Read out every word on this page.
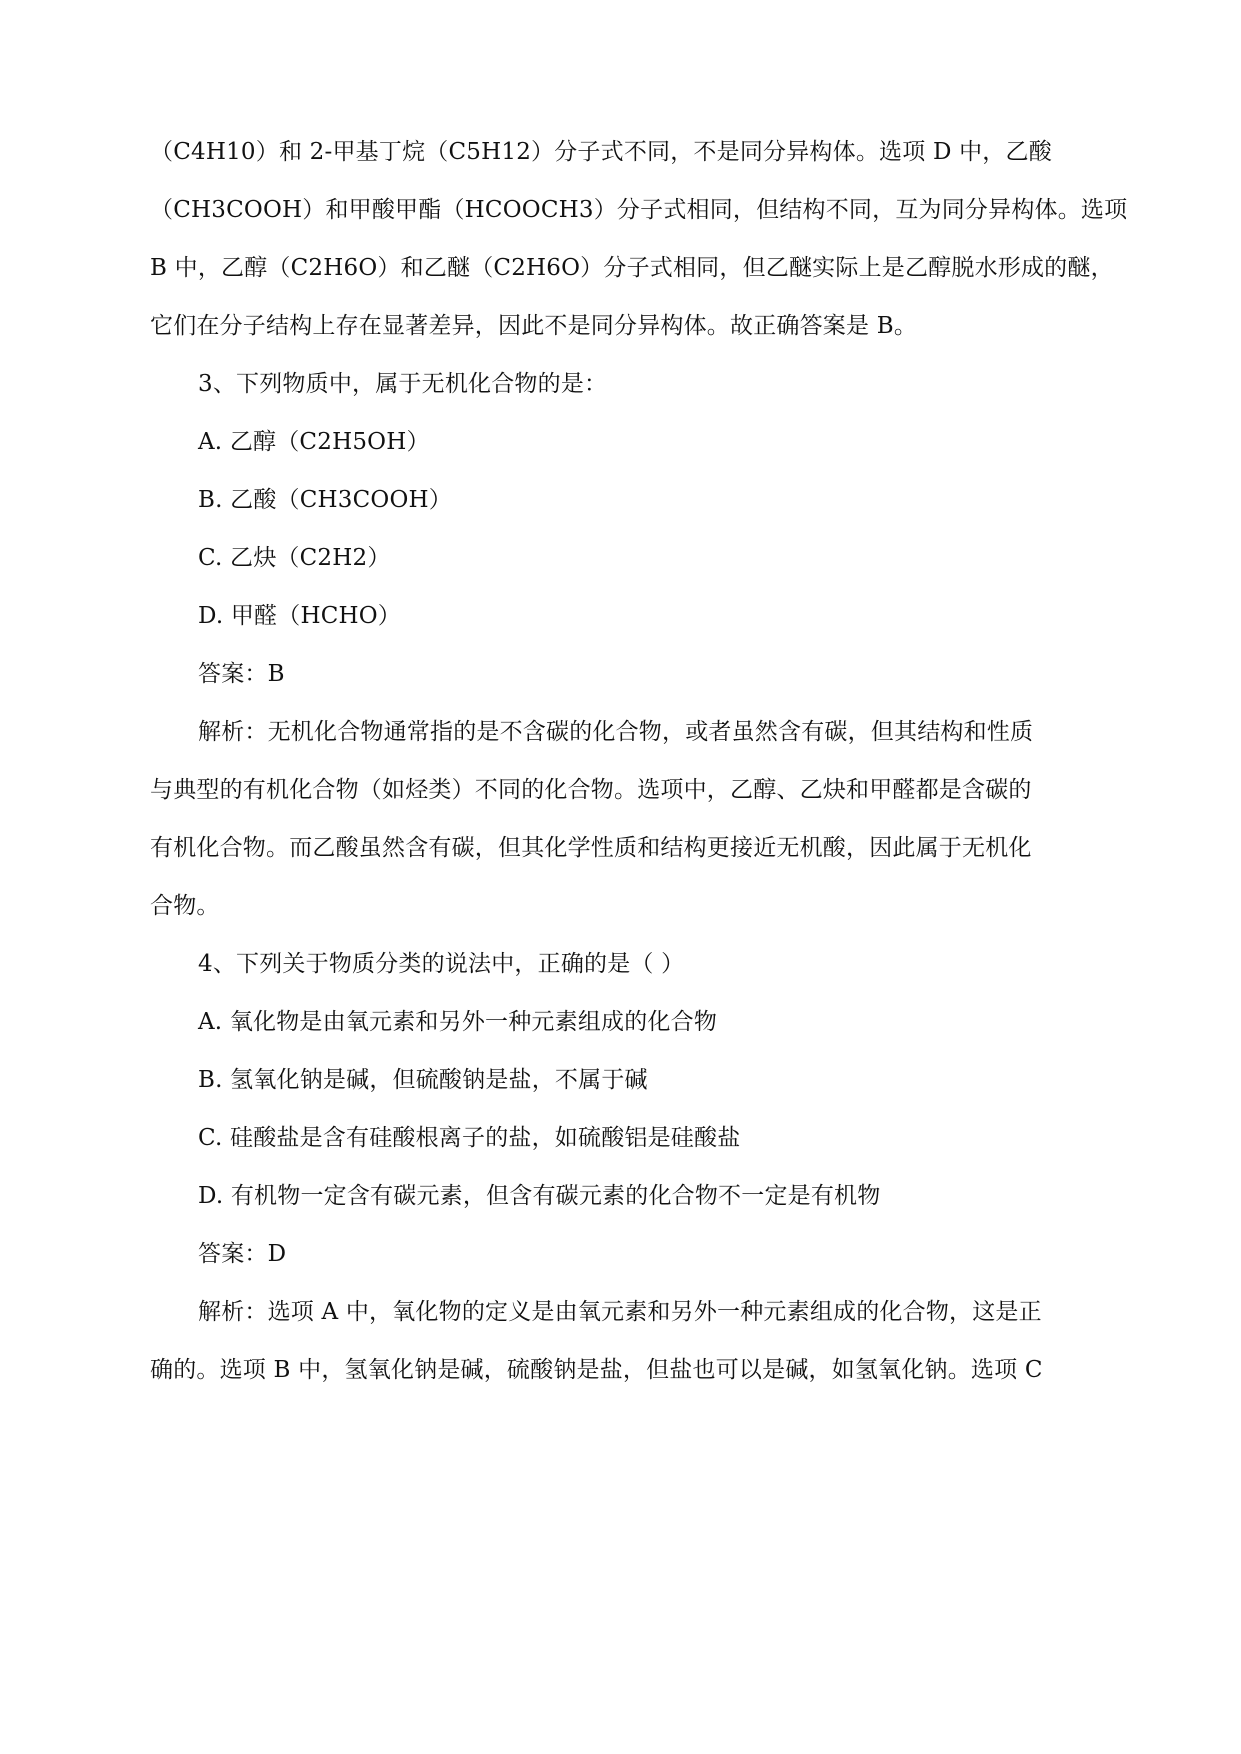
（C4H10）和 2-甲基丁烷（C5H12）分子式不同，不是同分异构体。选项 D 中，乙酸
（CH3COOH）和甲酸甲酯（HCOOCH3）分子式相同，但结构不同，互为同分异构体。选项
B 中，乙醇（C2H6O）和乙醚（C2H6O）分子式相同，但乙醚实际上是乙醇脱水形成的醚，
它们在分子结构上存在显著差异，因此不是同分异构体。故正确答案是 B。
3、下列物质中，属于无机化合物的是：
A. 乙醇（C2H5OH）
B. 乙酸（CH3COOH）
C. 乙炔（C2H2）
D. 甲醛（HCHO）
答案：B
解析：无机化合物通常指的是不含碳的化合物，或者虽然含有碳，但其结构和性质
与典型的有机化合物（如烃类）不同的化合物。选项中，乙醇、乙炔和甲醛都是含碳的
有机化合物。而乙酸虽然含有碳，但其化学性质和结构更接近无机酸，因此属于无机化
合物。
4、下列关于物质分类的说法中，正确的是（ ）
A. 氧化物是由氧元素和另外一种元素组成的化合物
B. 氢氧化钠是碱，但硫酸钠是盐，不属于碱
C. 硅酸盐是含有硅酸根离子的盐，如硫酸铝是硅酸盐
D. 有机物一定含有碳元素，但含有碳元素的化合物不一定是有机物
答案：D
解析：选项 A 中，氧化物的定义是由氧元素和另外一种元素组成的化合物，这是正
确的。选项 B 中，氢氧化钠是碱，硫酸钠是盐，但盐也可以是碱，如氢氧化钠。选项 C
